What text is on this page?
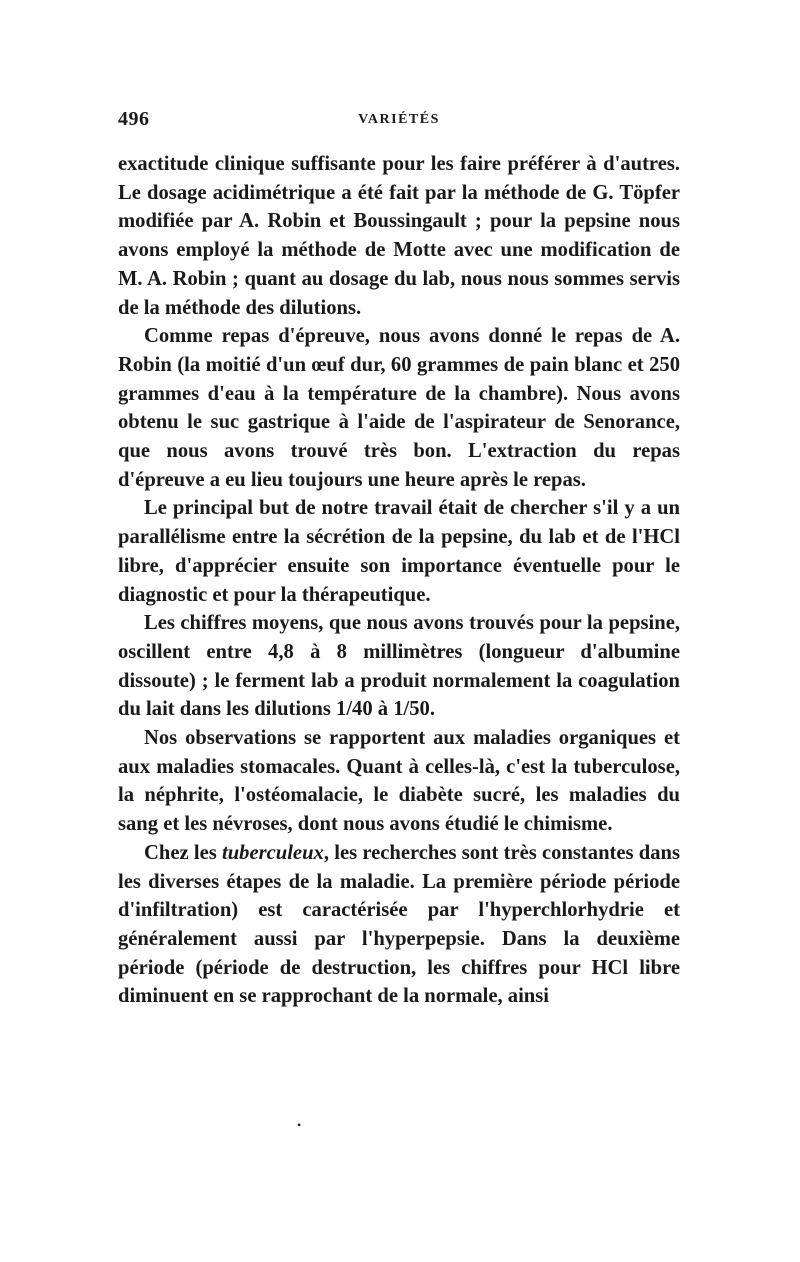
496	VARIÉTÉS

exactitude clinique suffisante pour les faire préférer à d'autres. Le dosage acidimétrique a été fait par la méthode de G. Töpfer modifiée par A. Robin et Boussingault ; pour la pepsine nous avons employé la méthode de Motte avec une modification de M. A. Robin ; quant au dosage du lab, nous nous sommes servis de la méthode des dilutions.

Comme repas d'épreuve, nous avons donné le repas de A. Robin (la moitié d'un œuf dur, 60 grammes de pain blanc et 250 grammes d'eau à la température de la chambre). Nous avons obtenu le suc gastrique à l'aide de l'aspirateur de Senorance, que nous avons trouvé très bon. L'extraction du repas d'épreuve a eu lieu toujours une heure après le repas.

Le principal but de notre travail était de chercher s'il y a un parallélisme entre la sécrétion de la pepsine, du lab et de l'HCl libre, d'apprécier ensuite son importance éventuelle pour le diagnostic et pour la thérapeutique.

Les chiffres moyens, que nous avons trouvés pour la pepsine, oscillent entre 4,8 à 8 millimètres (longueur d'albumine dissoute) ; le ferment lab a produit normalement la coagulation du lait dans les dilutions 1/40 à 1/50.

Nos observations se rapportent aux maladies organiques et aux maladies stomacales. Quant à celles-là, c'est la tuberculose, la néphrite, l'ostéomalacie, le diabète sucré, les maladies du sang et les névroses, dont nous avons étudié le chimisme.

Chez les tuberculeux, les recherches sont très constantes dans les diverses étapes de la maladie. La première période période d'infiltration) est caractérisée par l'hyperchlorhydrie et généralement aussi par l'hyperpepsie. Dans la deuxième période (période de destruction, les chiffres pour HCl libre diminuent en se rapprochant de la normale, ainsi

•
